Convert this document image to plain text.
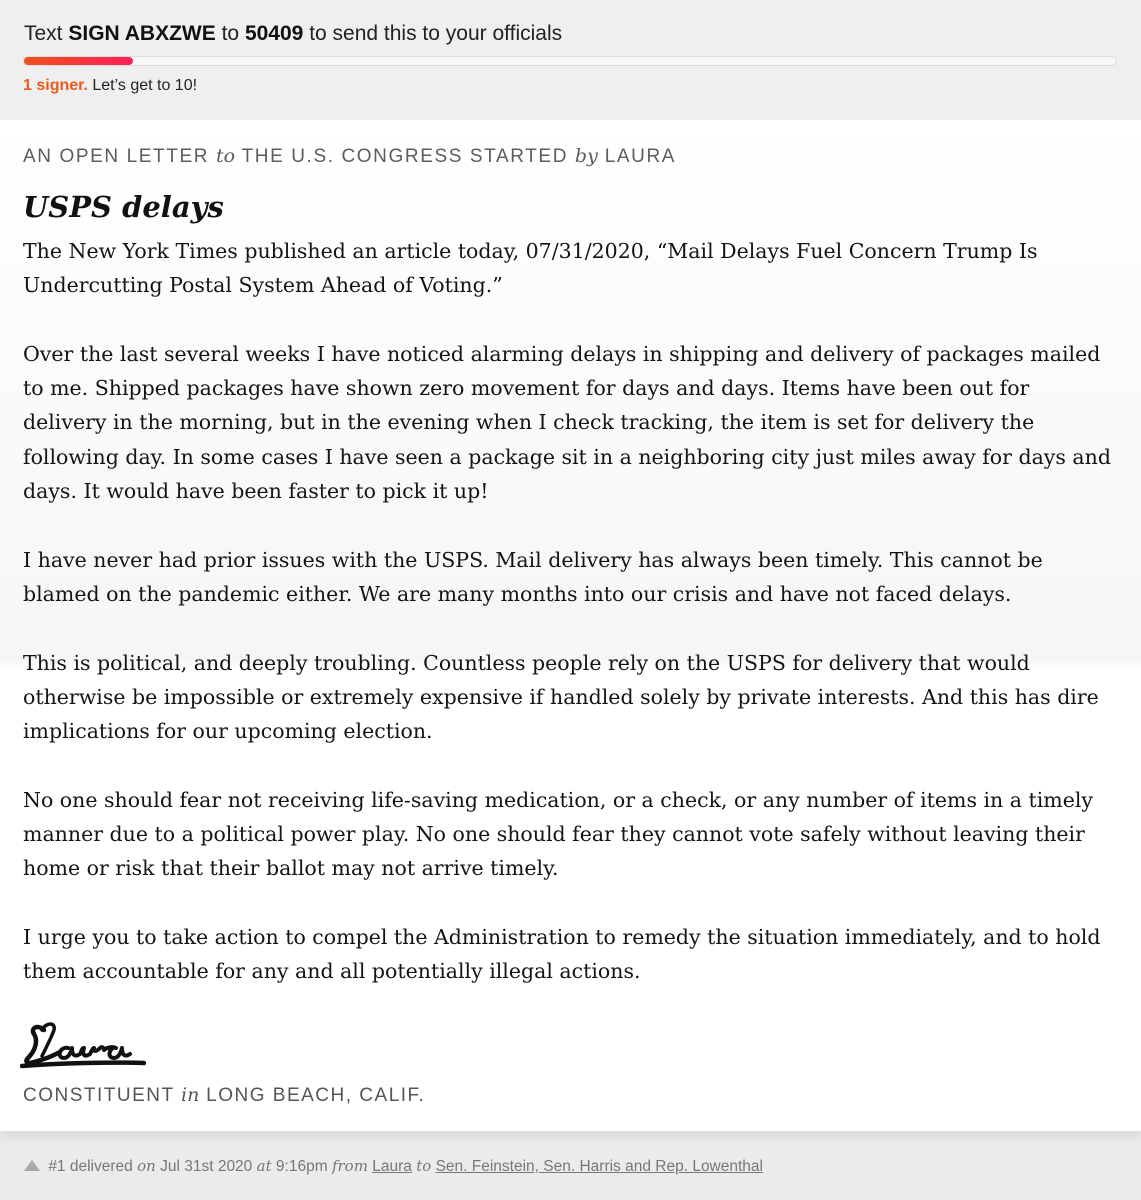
Text SIGN ABXZWE to 50409 to send this to your officials
1 signer. Let’s get to 10!
AN OPEN LETTER to THE U.S. CONGRESS STARTED by LAURA
USPS delays

The New York Times published an article today, 07/31/2020, “Mail Delays Fuel Concern Trump Is Undercutting Postal System Ahead of Voting.”

Over the last several weeks I have noticed alarming delays in shipping and delivery of packages mailed to me. Shipped packages have shown zero movement for days and days. Items have been out for delivery in the morning, but in the evening when I check tracking, the item is set for delivery the following day. In some cases I have seen a package sit in a neighboring city just miles away for days and days. It would have been faster to pick it up!

I have never had prior issues with the USPS. Mail delivery has always been timely. This cannot be blamed on the pandemic either. We are many months into our crisis and have not faced delays.

This is political, and deeply troubling. Countless people rely on the USPS for delivery that would otherwise be impossible or extremely expensive if handled solely by private interests. And this has dire implications for our upcoming election.

No one should fear not receiving life-saving medication, or a check, or any number of items in a timely manner due to a political power play. No one should fear they cannot vote safely without leaving their home or risk that their ballot may not arrive timely.

I urge you to take action to compel the Administration to remedy the situation immediately, and to hold them accountable for any and all potentially illegal actions.

CONSTITUENT in LONG BEACH, CALIF.
#1 delivered on Jul 31st 2020 at 9:16pm from Laura to Sen. Feinstein, Sen. Harris and Rep. Lowenthal
